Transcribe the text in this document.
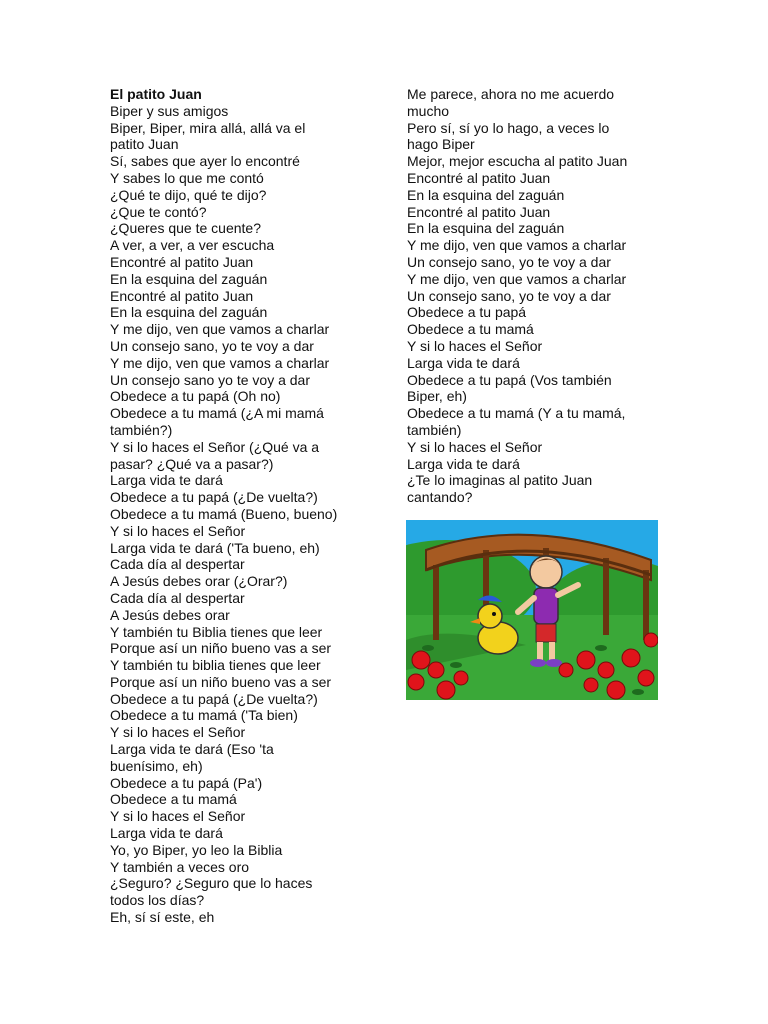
El patito Juan
Biper y sus amigos
Biper, Biper, mira allá, allá va el
patito Juan
Sí, sabes que ayer lo encontré
Y sabes lo que me contó
¿Qué te dijo, qué te dijo?
¿Que te contó?
¿Queres que te cuente?
A ver, a ver, a ver escucha
Encontré al patito Juan
En la esquina del zaguán
Encontré al patito Juan
En la esquina del zaguán
Y me dijo, ven que vamos a charlar
Un consejo sano, yo te voy a dar
Y me dijo, ven que vamos a charlar
Un consejo sano yo te voy a dar
Obedece a tu papá (Oh no)
Obedece a tu mamá (¿A mi mamá
también?)
Y si lo haces el Señor (¿Qué va a
pasar? ¿Qué va a pasar?)
Larga vida te dará
Obedece a tu papá (¿De vuelta?)
Obedece a tu mamá (Bueno, bueno)
Y si lo haces el Señor
Larga vida te dará ('Ta bueno, eh)
Cada día al despertar
A Jesús debes orar (¿Orar?)
Cada día al despertar
A Jesús debes orar
Y también tu Biblia tienes que leer
Porque así un niño bueno vas a ser
Y también tu biblia tienes que leer
Porque así un niño bueno vas a ser
Obedece a tu papá (¿De vuelta?)
Obedece a tu mamá ('Ta bien)
Y si lo haces el Señor
Larga vida te dará (Eso 'ta
buenísimo, eh)
Obedece a tu papá (Pa')
Obedece a tu mamá
Y si lo haces el Señor
Larga vida te dará
Yo, yo Biper, yo leo la Biblia
Y también a veces oro
¿Seguro? ¿Seguro que lo haces
todos los días?
Eh, sí sí este, eh
Me parece, ahora no me acuerdo
mucho
Pero sí, sí yo lo hago, a veces lo
hago Biper
Mejor, mejor escucha al patito Juan
Encontré al patito Juan
En la esquina del zaguán
Encontré al patito Juan
En la esquina del zaguán
Y me dijo, ven que vamos a charlar
Un consejo sano, yo te voy a dar
Y me dijo, ven que vamos a charlar
Un consejo sano, yo te voy a dar
Obedece a tu papá
Obedece a tu mamá
Y si lo haces el Señor
Larga vida te dará
Obedece a tu papá (Vos también
Biper, eh)
Obedece a tu mamá (Y a tu mamá,
también)
Y si lo haces el Señor
Larga vida te dará
¿Te lo imaginas al patito Juan
cantando?
